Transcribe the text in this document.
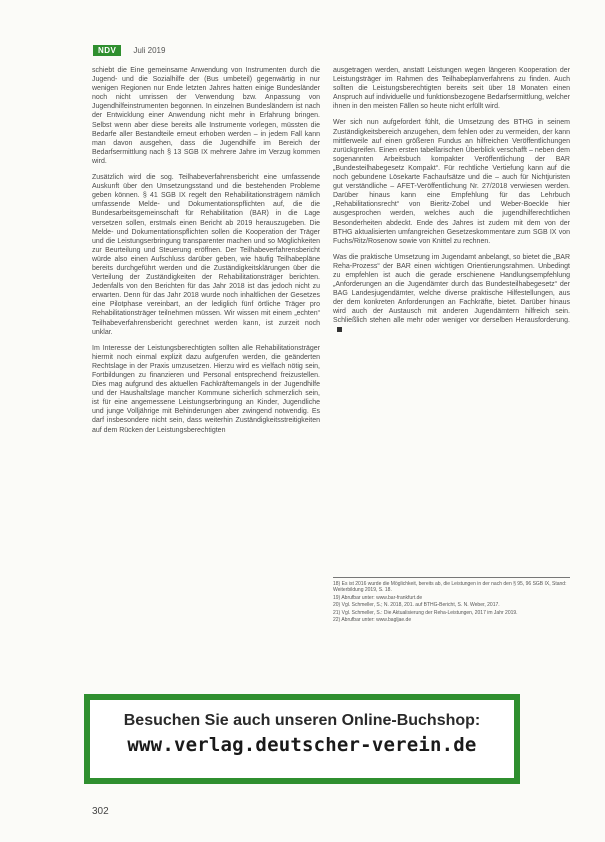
NDV	Juli 2019

schiebt die Eine gemeinsame Anwendung von Instrumenten durch die Jugend- und die Sozialhilfe der (Bus umbeteil) gegenwärtig in nur wenigen Regionen nur Ende letzten Jahres hatten einige Bundesländer noch nicht umrissen der Verwendung bzw. Anpassung von Jugendhilfeinstrumenten begonnen. In einzelnen Bundesländern ist nach der Entwicklung einer Anwendung nicht mehr in Erfahrung bringen. Selbst wenn aber diese bereits alle Instrumente vorlegen, müssten die Bedarfe aller Bestandteile erneut erhoben werden – in jedem Fall kann man davon ausgehen, dass die Jugendhilfe im Bereich der Bedarfsermittlung nach § 13 SGB IX mehrere Jahre im Verzug kommen wird.

Zusätzlich wird die sog. Teilhabeverfahrensbericht eine umfassende Auskunft über den Umsetzungsstand und die bestehenden Probleme geben können. § 41 SGB IX regelt den Rehabilitationsträgern nämlich umfassende Melde- und Dokumentationspflichten auf, die die Bundesarbeitsgemeinschaft für Rehabilitation (BAR) in die Lage versetzen sollen, erstmals einen Bericht ab 2019 herauszugeben. Die Melde- und Dokumentationspflichten sollen die Kooperation der Träger und die Leistungserbringung transparenter machen und so Möglichkeiten zur Beurteilung und Steuerung eröffnen. Der Teilhabeverfahrensbericht würde also einen Aufschluss darüber geben, wie häufig Teilhabepläne bereits durchgeführt werden und die Zuständigkeitsklärungen über die Verteilung der Zuständigkeiten der Rehabilitationsträger berichten. Jedenfalls von den Berichten für das Jahr 2018 ist das jedoch nicht zu erwarten. Denn für das Jahr 2018 wurde noch inhaltlichen der Gesetzes eine Pilotphase vereinbart, an der lediglich fünf örtliche Träger pro Rehabilitationsträger teilnehmen müssen. Wir wissen mit einem „echten“ Teilhabeverfahrensbericht gerechnet werden kann, ist zurzeit noch unklar.

Im Interesse der Leistungsberechtigten sollten alle Rehabilitationsträger hiermit noch einmal explizit dazu aufgerufen werden, die geänderten Rechtslage in der Praxis umzusetzen. Hierzu wird es vielfach nötig sein, Fortbildungen zu finanzieren und Personal entsprechend freizustellen. Dies mag aufgrund des aktuellen Fachkräftemangels in der Jugendhilfe und der Haushaltslage mancher Kommune sicherlich schmerzlich sein, ist für eine angemessene Leistungserbringung an Kinder, Jugendliche und junge Volljährige mit Behinderungen aber zwingend notwendig. Es darf insbesondere nicht sein, dass weiterhin Zuständigkeitsstreitigkeiten auf dem Rücken der Leistungsberechtigten

ausgetragen werden, anstatt Leistungen wegen längeren Kooperation der Leistungsträger im Rahmen des Teilhabeplanverfahrens zu finden. Auch sollten die Leistungsberechtigten bereits seit über 18 Monaten einen Anspruch auf individuelle und funktionsbezogene Bedarfsermittlung, welcher ihnen in den meisten Fällen so heute nicht erfüllt wird.

Wer sich nun aufgefordert fühlt, die Umsetzung des BTHG in seinem Zuständigkeitsbereich anzugehen, dem fehlen oder zu vermeiden, der kann mittlerweile auf einen größeren Fundus an hilfreichen Veröffentlichungen zurückgreifen. Einen ersten tabellarischen Überblick verschafft – neben dem sogenannten Arbeitsbuch kompakter Veröffentlichung der BAR „Bundesteilhabegesetz Kompakt“. Für rechtliche Vertiefung kann auf die noch gebundene Lösekarte Fachaufsätze und die – auch für Nichtjuristen gut verständliche – AFET-Veröffentlichung Nr. 27/2018 verwiesen werden. Darüber hinaus kann eine Empfehlung für das Lehrbuch „Rehabilitationsrecht“ von Bieritz-Zobel und Weber-Boeckle hier ausgesprochen werden, welches auch die jugendhilferechtlichen Besonderheiten abdeckt. Ende des Jahres ist zudem mit dem von der BTHG aktualisierten umfangreichen Gesetzeskommentare zum SGB IX von Fuchs/Ritz/Rosenow sowie von Knittel zu rechnen.

Was die praktische Umsetzung im Jugendamt anbelangt, so bietet die „BAR Reha-Prozess“ der BAR einen wichtigen Orientierungsrahmen. Unbedingt zu empfehlen ist auch die gerade erschienene Handlungsempfehlung „Anforderungen an die Jugendämter durch das Bundesteilhabegesetz“ der BAG Landesjugendämter, welche diverse praktische Hilfestellungen, aus der dem konkreten Anforderungen an Fachkräfte, bietet. Darüber hinaus wird auch der Austausch mit anderen Jugendämtern hilfreich sein. Schließlich stehen alle mehr oder weniger vor derselben Herausforderung.

18) Es ist 2016 wurde die Möglichkeit, bereits ab, die Leistungen in der nach den § 95, 96 SGB IX, Stand: Weiterbildung 2019, S. 18.
19) Abrufbar unter: www.bar-frankfurt.de
20) Vgl. Schmeller, S.; N. 2018, 201. auf BTHG-Bericht, S. N. Weber, 2017.
21) Vgl. Schmeller, S.: Die Aktualisierung der Reha-Leistungen, 2017 im Jahr 2019.
22) Abrufbar unter: www.bagljae.de
Besuchen Sie auch unseren Online-Buchshop:
www.verlag.deutscher-verein.de
302
